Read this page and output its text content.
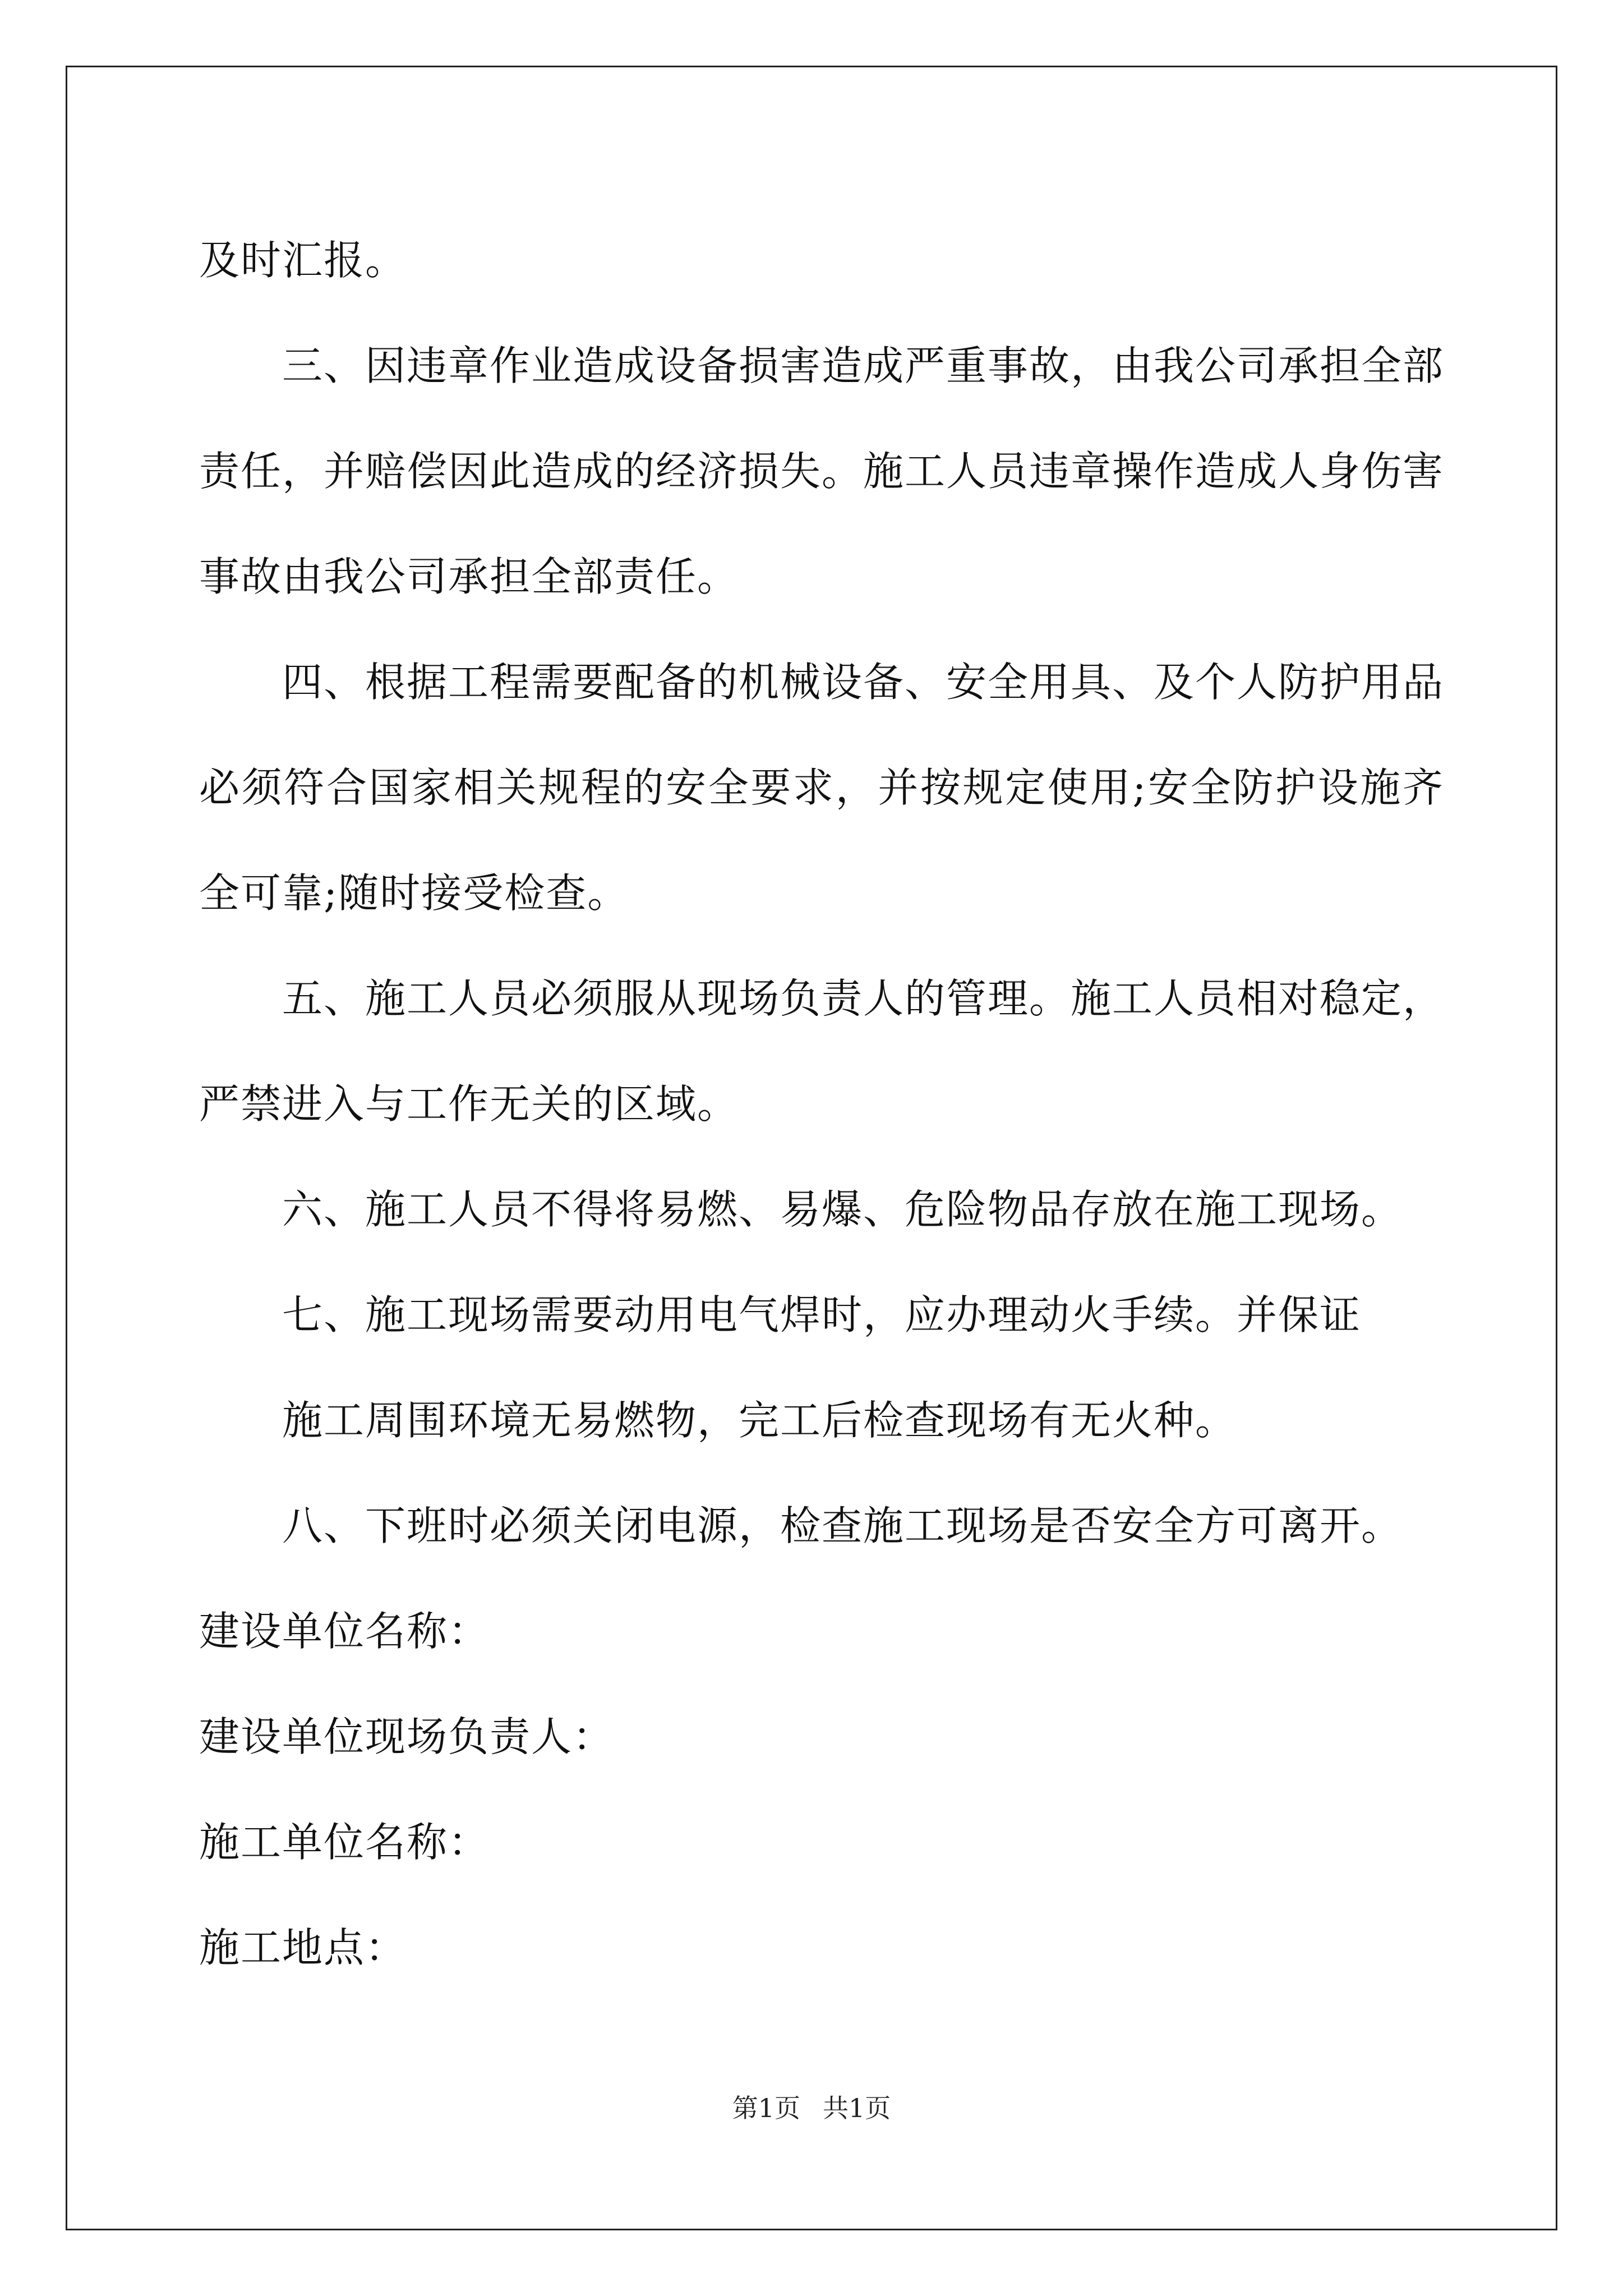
及时汇报。

三、因违章作业造成设备损害造成严重事故，由我公司承担全部责任，并赔偿因此造成的经济损失。施工人员违章操作造成人身伤害事故由我公司承担全部责任。

四、根据工程需要配备的机械设备、安全用具、及个人防护用品必须符合国家相关规程的安全要求，并按规定使用;安全防护设施齐全可靠;随时接受检查。

五、施工人员必须服从现场负责人的管理。施工人员相对稳定，严禁进入与工作无关的区域。

六、施工人员不得将易燃、易爆、危险物品存放在施工现场。

七、施工现场需要动用电气焊时，应办理动火手续。并保证

施工周围环境无易燃物，完工后检查现场有无火种。

八、下班时必须关闭电源，检查施工现场是否安全方可离开。

建设单位名称：

建设单位现场负责人：

施工单位名称：

施工地点：

第1页 共1页
